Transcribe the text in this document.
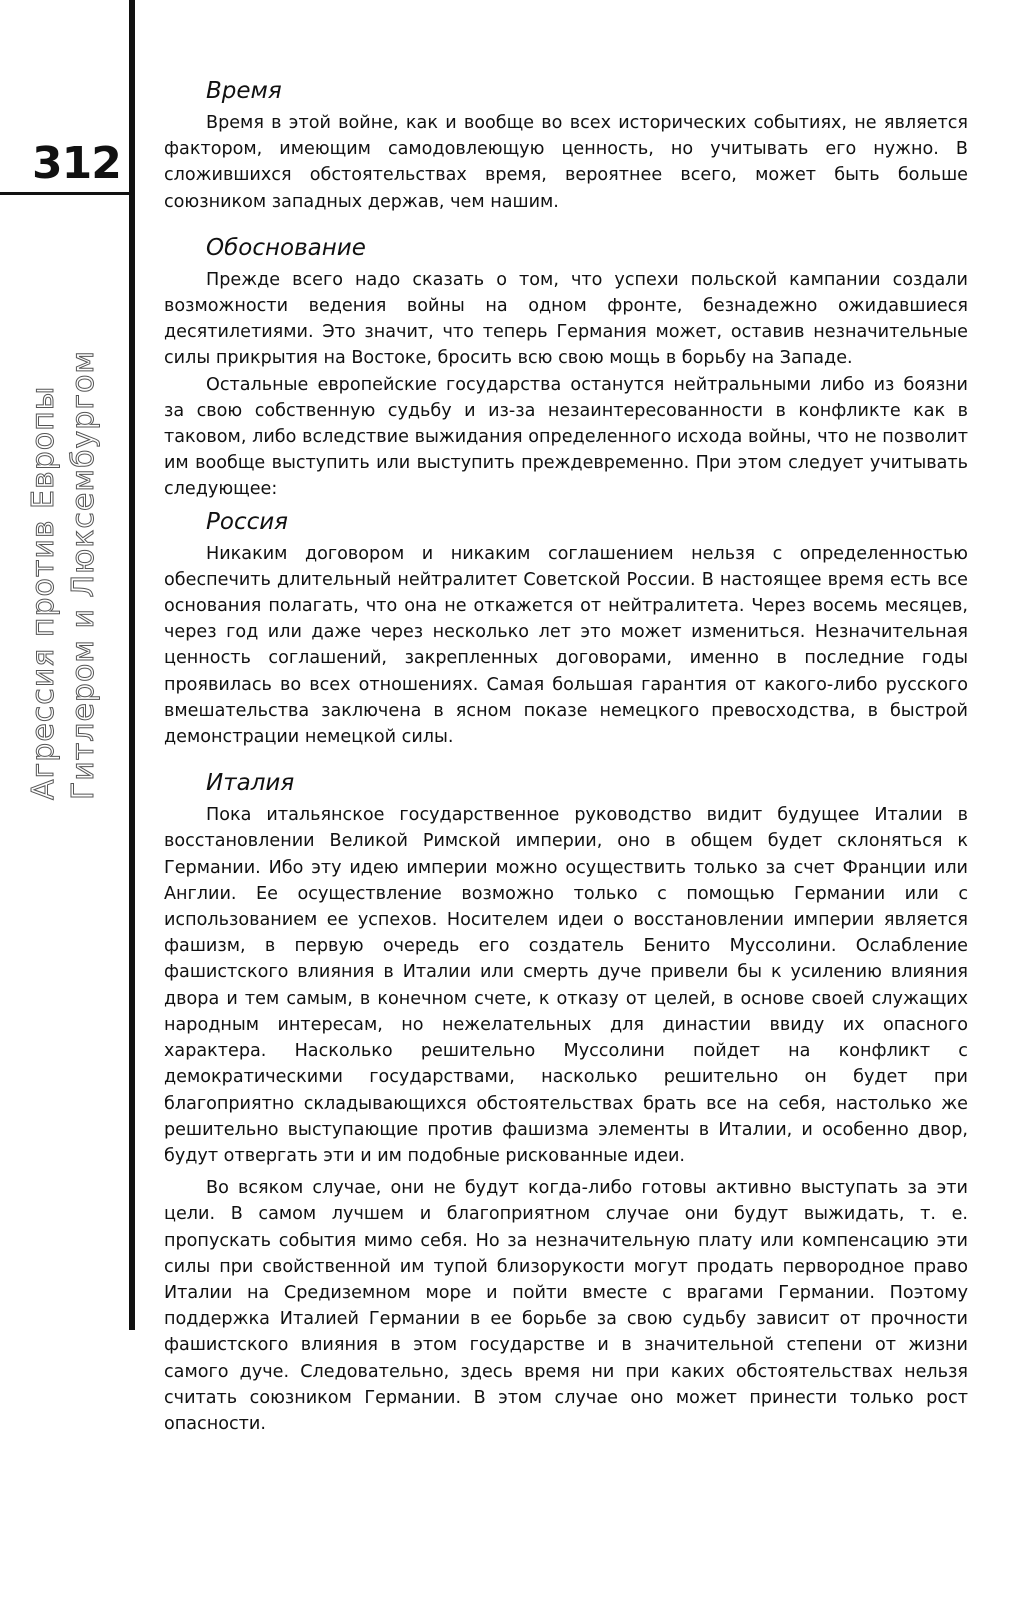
312
Агрессия против Европы Гитлером и Люксембургом
Время

Время в этой войне, как и вообще во всех исторических событиях, не является фактором, имеющим самодовлеющую ценность, но учитывать его нужно. В сложившихся обстоятельствах время, вероятнее всего, может быть больше союзником западных держав, чем нашим.

Обоснование

Прежде всего надо сказать о том, что успехи польской кампании создали возможности ведения войны на одном фронте, безнадежно ожидавшиеся десятилетиями. Это значит, что теперь Германия может, оставив незначительные силы прикрытия на Востоке, бросить всю свою мощь в борьбу на Западе.

Остальные европейские государства останутся нейтральными либо из боязни за свою собственную судьбу и из-за незаинтересованности в конфликте как в таковом, либо вследствие выжидания определенного исхода войны, что не позволит им вообще выступить или выступить преждевременно. При этом следует учитывать следующее:

Россия

Никаким договором и никаким соглашением нельзя с определенностью обеспечить длительный нейтралитет Советской России. В настоящее время есть все основания полагать, что она не откажется от нейтралитета. Через восемь месяцев, через год или даже через несколько лет это может измениться. Незначительная ценность соглашений, закрепленных договорами, именно в последние годы проявилась во всех отношениях. Самая большая гарантия от какого-либо русского вмешательства заключена в ясном показе немецкого превосходства, в быстрой демонстрации немецкой силы.

Италия

Пока итальянское государственное руководство видит будущее Италии в восстановлении Великой Римской империи, оно в общем будет склоняться к Германии. Ибо эту идею империи можно осуществить только за счет Франции или Англии. Ее осуществление возможно только с помощью Германии или с использованием ее успехов. Носителем идеи о восстановлении империи является фашизм, в первую очередь его создатель Бенито Муссолини. Ослабление фашистского влияния в Италии или смерть дуче привели бы к усилению влияния двора и тем самым, в конечном счете, к отказу от целей, в основе своей служащих народным интересам, но нежелательных для династии ввиду их опасного характера. Насколько решительно Муссолини пойдет на конфликт с демократическими государствами, насколько решительно он будет при благоприятно складывающихся обстоятельствах брать все на себя, настолько же решительно выступающие против фашизма элементы в Италии, и особенно двор, будут отвергать эти и им подобные рискованные идеи.

Во всяком случае, они не будут когда-либо готовы активно выступать за эти цели. В самом лучшем и благоприятном случае они будут выжидать, т. е. пропускать события мимо себя. Но за незначительную плату или компенсацию эти силы при свойственной им тупой близорукости могут продать первородное право Италии на Средиземном море и пойти вместе с врагами Германии. Поэтому поддержка Италией Германии в ее борьбе за свою судьбу зависит от прочности фашистского влияния в этом государстве и в значительной степени от жизни самого дуче. Следовательно, здесь время ни при каких обстоятельствах нельзя считать союзником Германии. В этом случае оно может принести только рост опасности.
